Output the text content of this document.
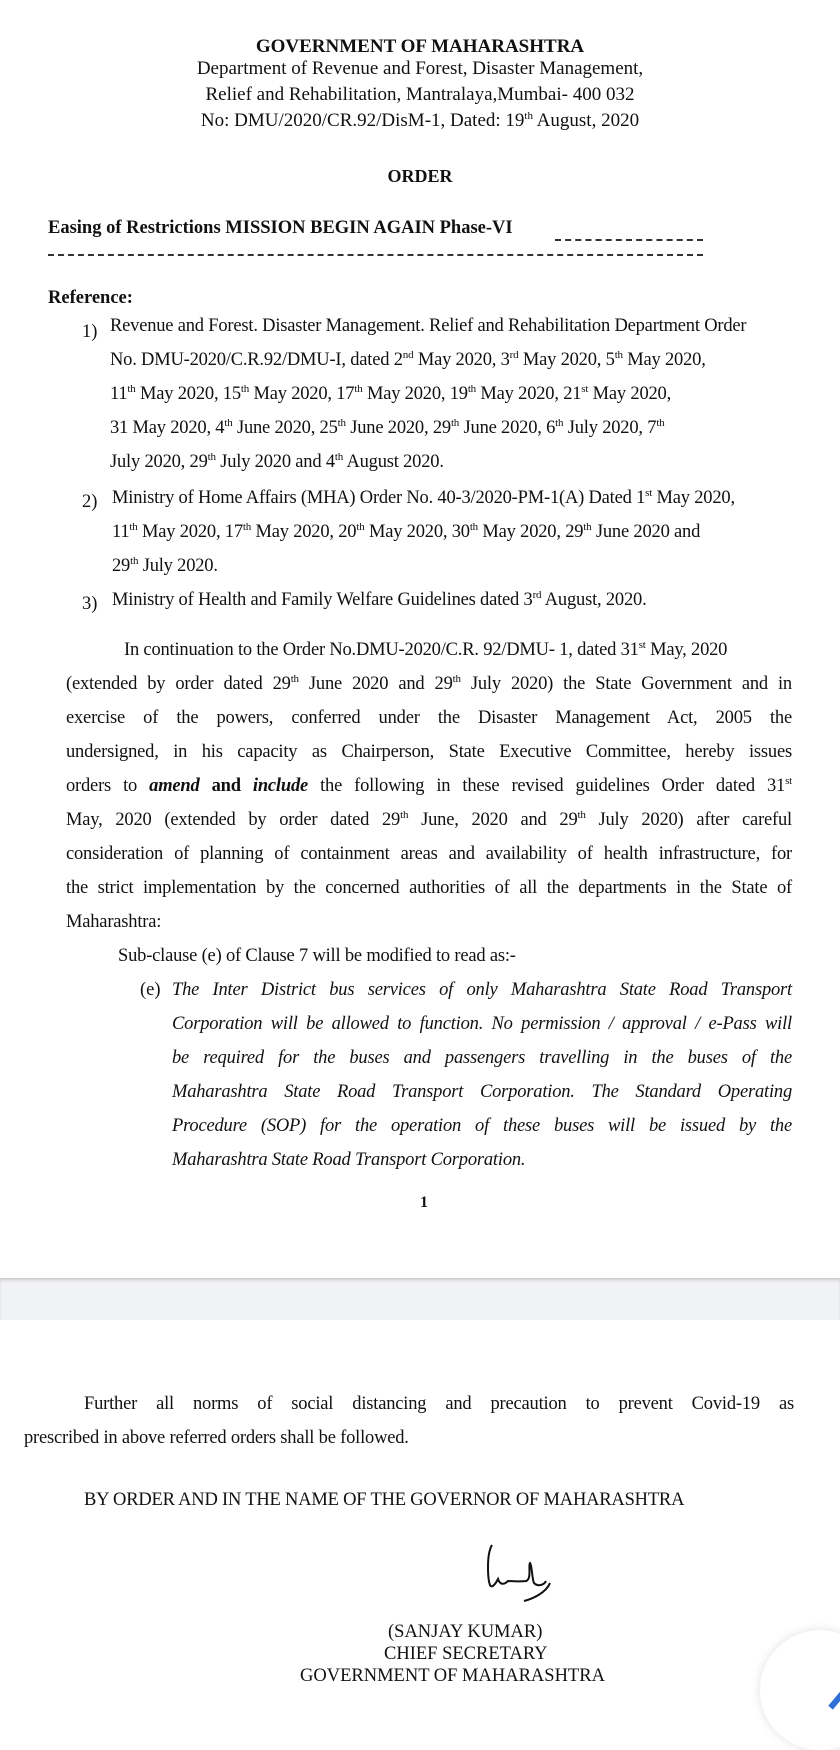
GOVERNMENT OF MAHARASHTRA
Department of Revenue and Forest, Disaster Management,
Relief and Rehabilitation, Mantralaya,Mumbai- 400 032
No: DMU/2020/CR.92/DisM-1, Dated: 19th August, 2020
ORDER
Easing of Restrictions MISSION BEGIN AGAIN Phase-VI
Reference:
1) Revenue and Forest. Disaster Management. Relief and Rehabilitation Department Order
No. DMU-2020/C.R.92/DMU-I, dated 2nd May 2020, 3rd May 2020, 5th May 2020,
11th May 2020, 15th May 2020, 17th May 2020, 19th May 2020, 21st May 2020,
31 May 2020, 4th June 2020, 25th June 2020, 29th June 2020, 6th July 2020, 7th
July 2020, 29th July 2020 and 4th August 2020.
2) Ministry of Home Affairs (MHA) Order No. 40-3/2020-PM-1(A) Dated 1st May 2020,
11th May 2020, 17th May 2020, 20th May 2020, 30th May 2020, 29th June 2020 and
29th July 2020.
3) Ministry of Health and Family Welfare Guidelines dated 3rd August, 2020.
In continuation to the Order No.DMU-2020/C.R. 92/DMU- 1, dated 31st May, 2020
(extended by order dated 29th June 2020 and 29th July 2020) the State Government and in
exercise of the powers, conferred under the Disaster Management Act, 2005 the
undersigned, in his capacity as Chairperson, State Executive Committee, hereby issues
orders to amend and include the following in these revised guidelines Order dated 31st
May, 2020 (extended by order dated 29th June, 2020 and 29th July 2020) after careful
consideration of planning of containment areas and availability of health infrastructure, for
the strict implementation by the concerned authorities of all the departments in the State of
Maharashtra:
Sub-clause (e) of Clause 7 will be modified to read as:-
(e) The Inter District bus services of only Maharashtra State Road Transport
Corporation will be allowed to function. No permission / approval / e-Pass will
be required for the buses and passengers travelling in the buses of the
Maharashtra State Road Transport Corporation. The Standard Operating
Procedure (SOP) for the operation of these buses will be issued by the
Maharashtra State Road Transport Corporation.
1
Further all norms of social distancing and precaution to prevent Covid-19 as
prescribed in above referred orders shall be followed.
BY ORDER AND IN THE NAME OF THE GOVERNOR OF MAHARASHTRA
(SANJAY KUMAR)
CHIEF SECRETARY
GOVERNMENT OF MAHARASHTRA
